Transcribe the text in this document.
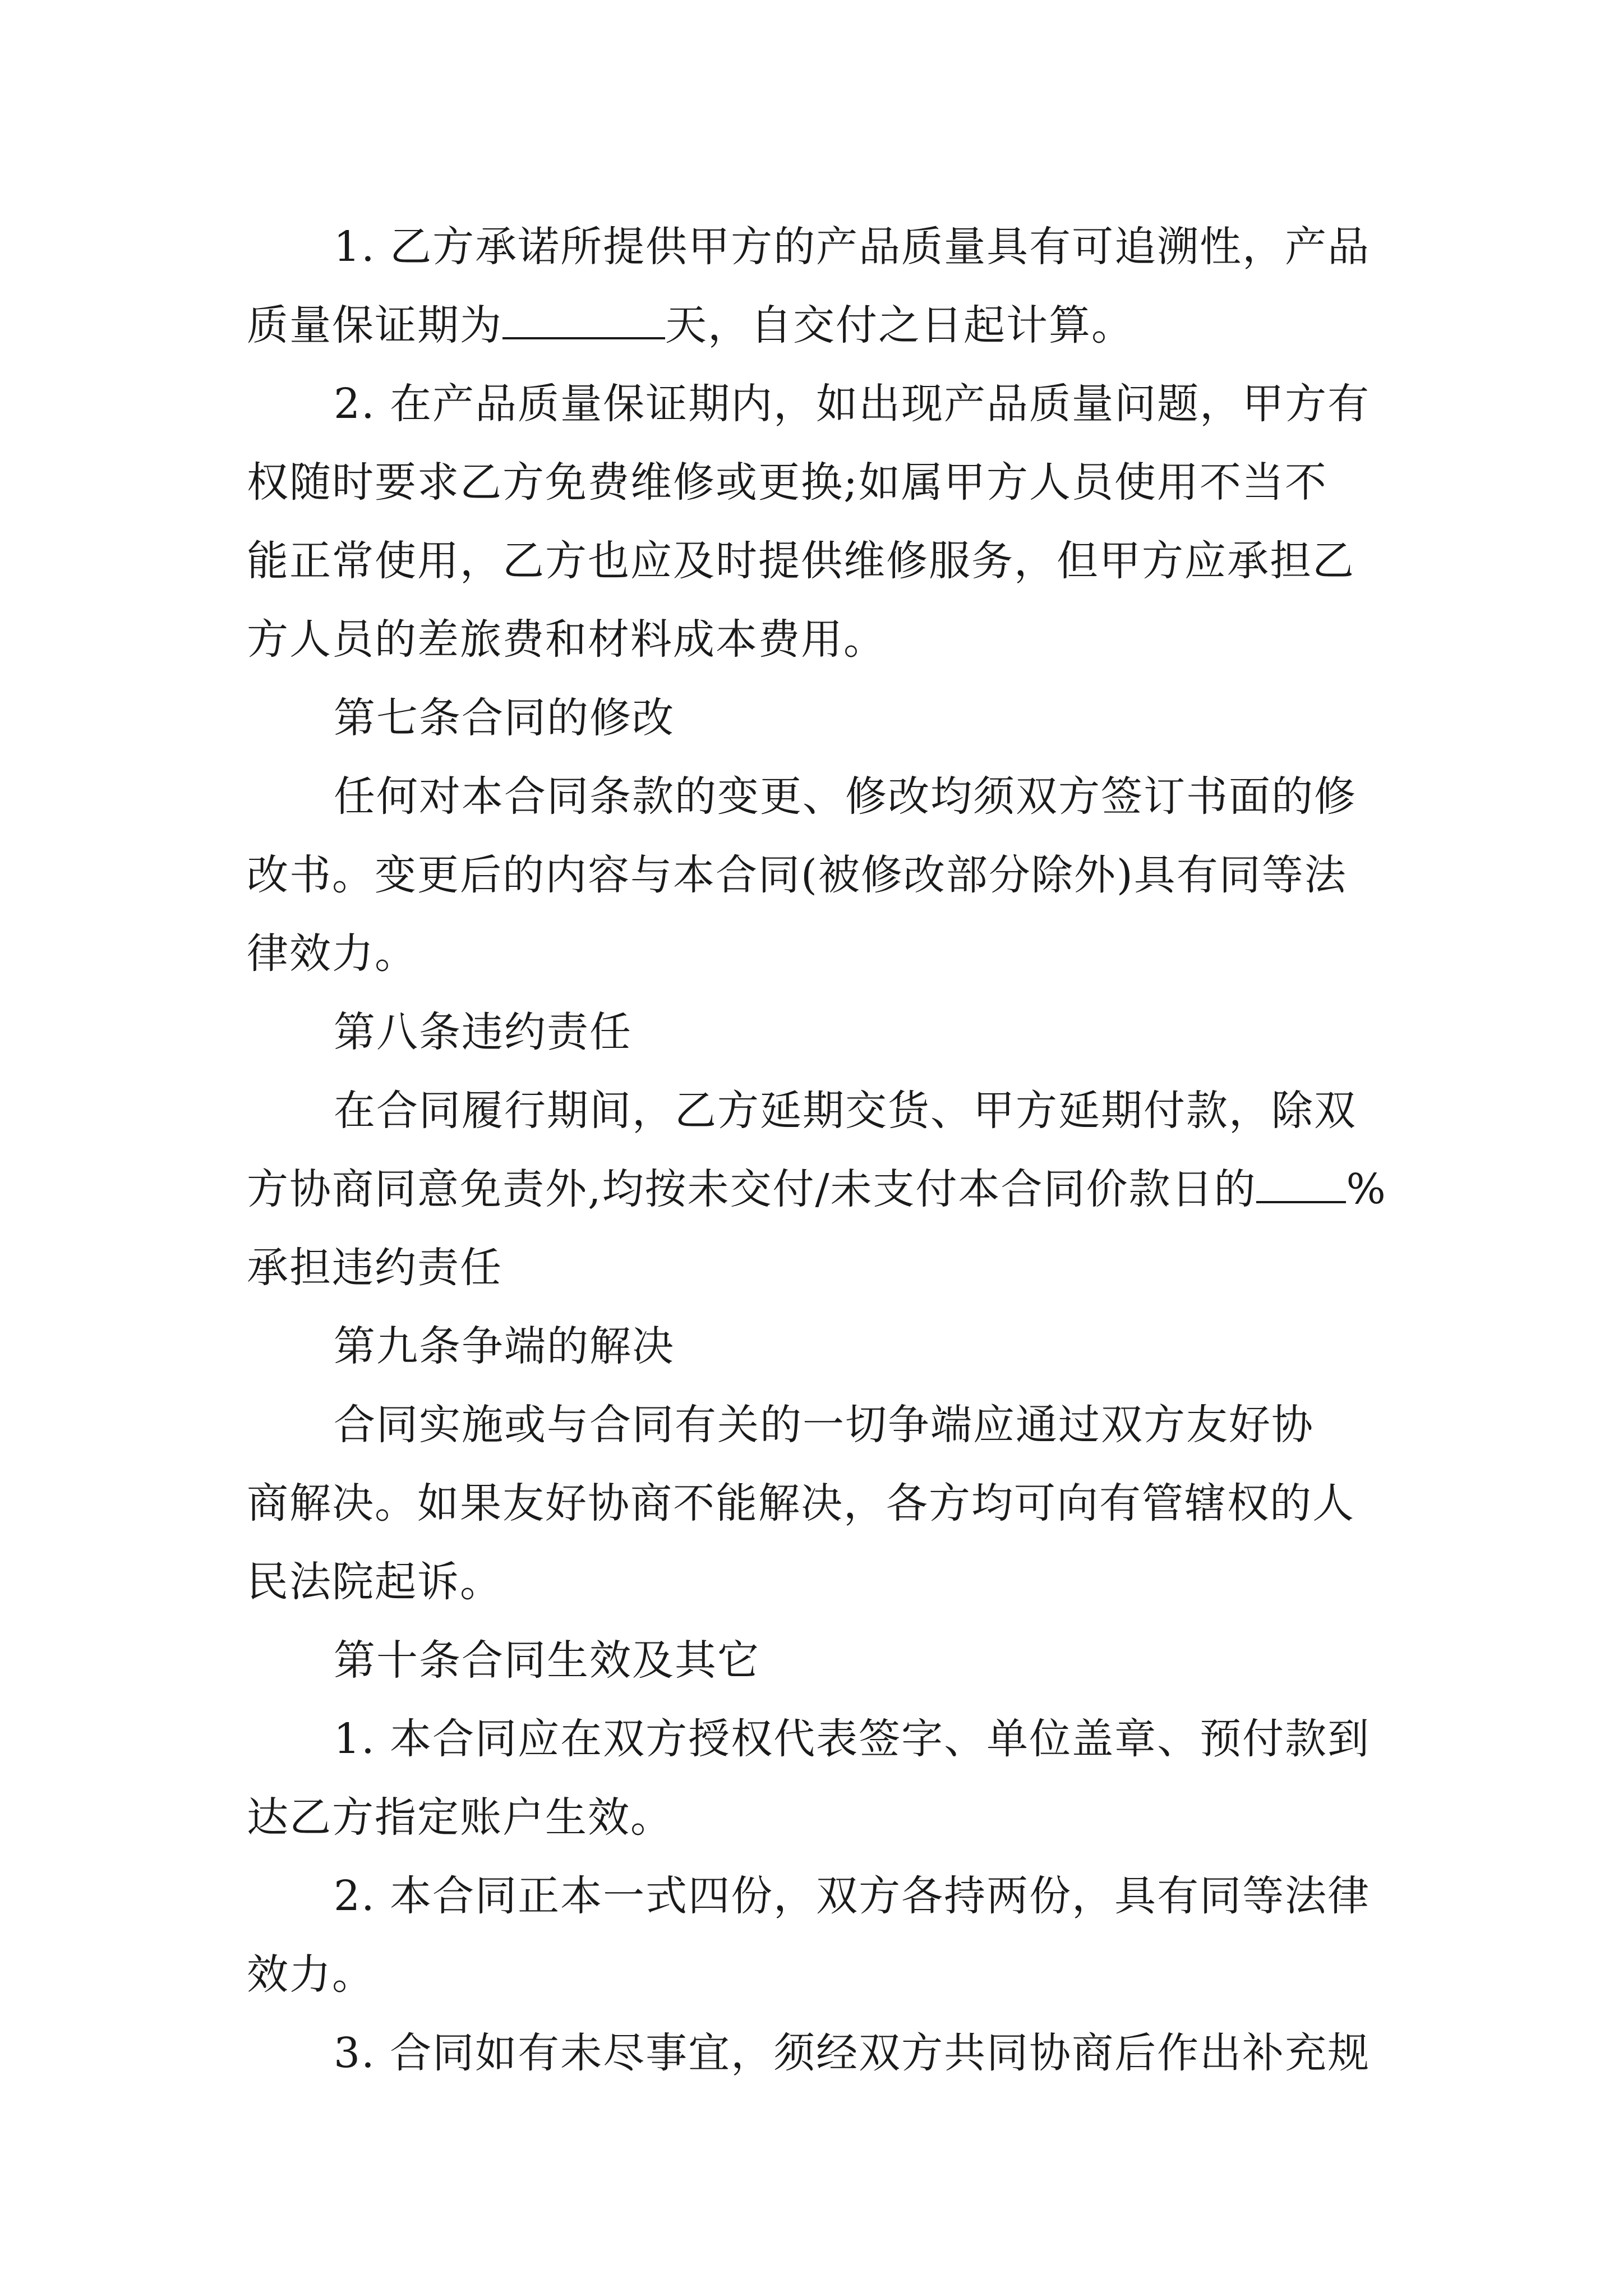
1. 乙方承诺所提供甲方的产品质量具有可追溯性，产品
质量保证期为	天，自交付之日起计算。
2. 在产品质量保证期内，如出现产品质量问题，甲方有
权随时要求乙方免费维修或更换;如属甲方人员使用不当不
能正常使用，乙方也应及时提供维修服务，但甲方应承担乙
方人员的差旅费和材料成本费用。
第七条合同的修改
任何对本合同条款的变更、修改均须双方签订书面的修
改书。变更后的内容与本合同(被修改部分除外)具有同等法
律效力。
第八条违约责任
在合同履行期间，乙方延期交货、甲方延期付款，除双
方协商同意免责外,均按未交付/未支付本合同价款日的 %
承担违约责任
第九条争端的解决
合同实施或与合同有关的一切争端应通过双方友好协
商解决。如果友好协商不能解决，各方均可向有管辖权的人
民法院起诉。
第十条合同生效及其它
1. 本合同应在双方授权代表签字、单位盖章、预付款到
达乙方指定账户生效。
2. 本合同正本一式四份，双方各持两份，具有同等法律
效力。
3. 合同如有未尽事宜，须经双方共同协商后作出补充规
